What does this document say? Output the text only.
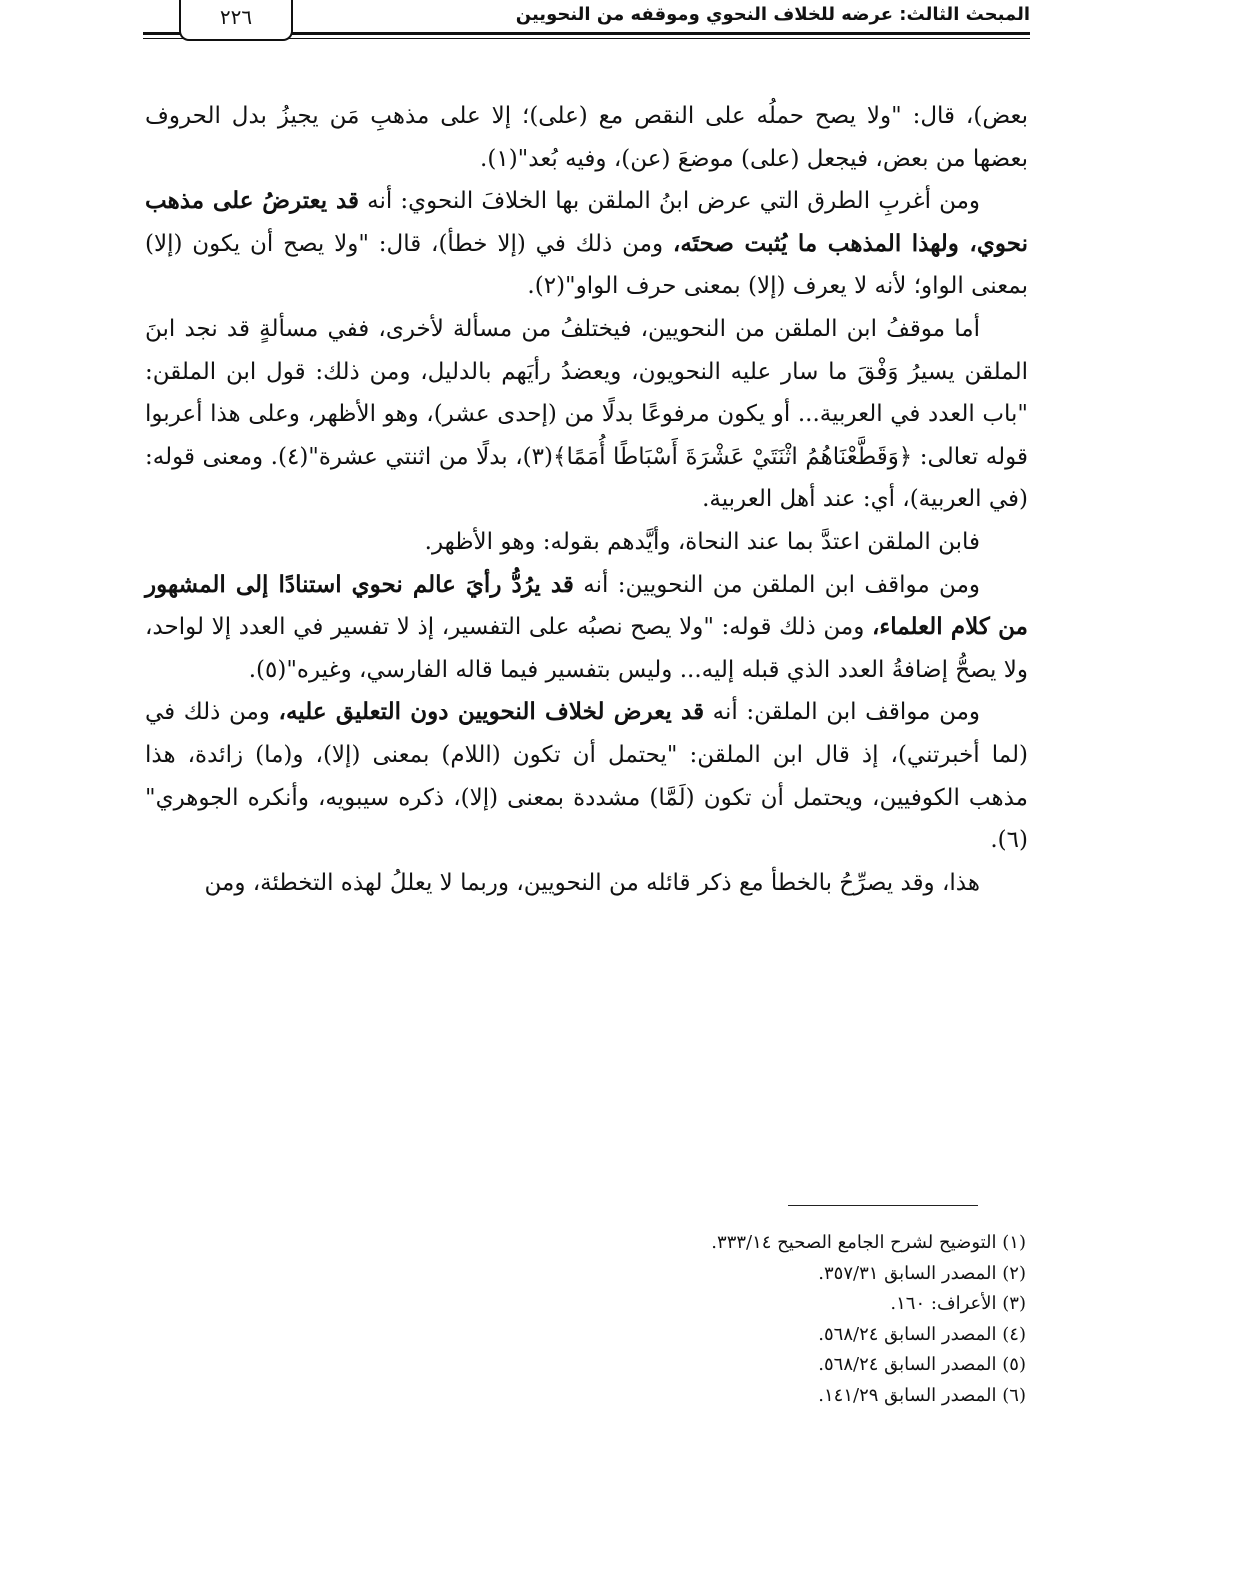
المبحث الثالث: عرضه للخلاف النحوي وموقفه من النحويين
٢٢٦

بعض)، قال: "ولا يصح حملُه على النقص مع (على)؛ إلا على مذهبِ مَن يجيزُ بدل الحروف بعضها من بعض، فيجعل (على) موضعَ (عن)، وفيه بُعد"(١).

ومن أغربِ الطرق التي عرض ابنُ الملقن بها الخلافَ النحوي: أنه قد يعترضُ على مذهب نحوي، ولهذا المذهب ما يُثبت صحتَه، ومن ذلك في (إلا خطأ)، قال: "ولا يصح أن يكون (إلا) بمعنى الواو؛ لأنه لا يعرف (إلا) بمعنى حرف الواو"(٢).

أما موقفُ ابن الملقن من النحويين، فيختلفُ من مسألة لأخرى، ففي مسألةٍ قد نجد ابنَ الملقن يسيرُ وَفْقَ ما سار عليه النحويون، ويعضدُ رأيَهم بالدليل، ومن ذلك: قول ابن الملقن: "باب العدد في العربية... أو يكون مرفوعًا بدلًا من (إحدى عشر)، وهو الأظهر، وعلى هذا أعربوا قوله تعالى: ﴿وَقَطَّعْنَاهُمُ اثْنَتَيْ عَشْرَةَ أَسْبَاطًا أُمَمًا﴾(٣)، بدلًا من اثنتي عشرة"(٤). ومعنى قوله: (في العربية)، أي: عند أهل العربية.

فابن الملقن اعتدَّ بما عند النحاة، وأيَّدهم بقوله: وهو الأظهر.

ومن مواقف ابن الملقن من النحويين: أنه قد يرُدُّ رأيَ عالم نحوي استنادًا إلى المشهور من كلام العلماء، ومن ذلك قوله: "ولا يصح نصبُه على التفسير، إذ لا تفسير في العدد إلا لواحد، ولا يصحُّ إضافةُ العدد الذي قبله إليه... وليس بتفسير فيما قاله الفارسي، وغيره"(٥).

ومن مواقف ابن الملقن: أنه قد يعرض لخلاف النحويين دون التعليق عليه، ومن ذلك في (لما أخبرتني)، إذ قال ابن الملقن: "يحتمل أن تكون (اللام) بمعنى (إلا)، و(ما) زائدة، هذا مذهب الكوفيين، ويحتمل أن تكون (لَمَّا) مشددة بمعنى (إلا)، ذكره سيبويه، وأنكره الجوهري"(٦).

هذا، وقد يصرِّحُ بالخطأ مع ذكر قائله من النحويين، وربما لا يعللُ لهذه التخطئة، ومن

(١) التوضيح لشرح الجامع الصحيح ٣٣٣/١٤.

(٢) المصدر السابق ٣٥٧/٣١.

(٣) الأعراف: ١٦٠.

(٤) المصدر السابق ٥٦٨/٢٤.

(٥) المصدر السابق ٥٦٨/٢٤.

(٦) المصدر السابق ١٤١/٢٩.
